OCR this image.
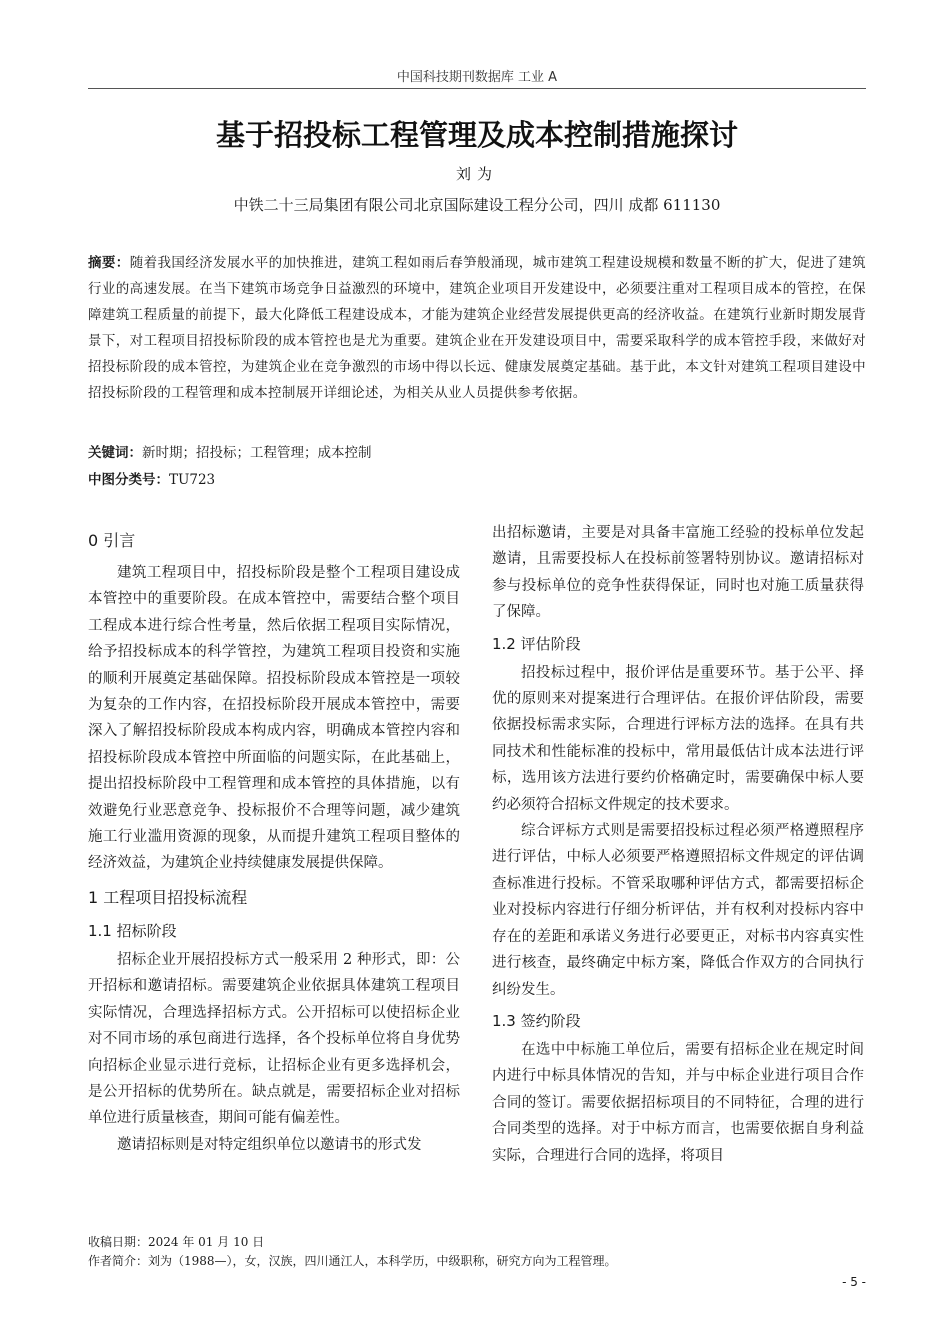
中国科技期刊数据库 工业 A
基于招投标工程管理及成本控制措施探讨
刘为
中铁二十三局集团有限公司北京国际建设工程分公司，四川 成都 611130
摘要：随着我国经济发展水平的加快推进，建筑工程如雨后春笋般涌现，城市建筑工程建设规模和数量不断的扩大，促进了建筑行业的高速发展。在当下建筑市场竞争日益激烈的环境中，建筑企业项目开发建设中，必须要注重对工程项目成本的管控，在保障建筑工程质量的前提下，最大化降低工程建设成本，才能为建筑企业经营发展提供更高的经济收益。在建筑行业新时期发展背景下，对工程项目招投标阶段的成本管控也是尤为重要。建筑企业在开发建设项目中，需要采取科学的成本管控手段，来做好对招投标阶段的成本管控，为建筑企业在竞争激烈的市场中得以长远、健康发展奠定基础。基于此，本文针对建筑工程项目建设中招投标阶段的工程管理和成本控制展开详细论述，为相关从业人员提供参考依据。
关键词：新时期；招投标；工程管理；成本控制
中图分类号：TU723
0 引言

建筑工程项目中，招投标阶段是整个工程项目建设成本管控中的重要阶段。在成本管控中，需要结合整个项目工程成本进行综合性考量，然后依据工程项目实际情况，给予招投标成本的科学管控，为建筑工程项目投资和实施的顺利开展奠定基础保障。招投标阶段成本管控是一项较为复杂的工作内容，在招投标阶段开展成本管控中，需要深入了解招投标阶段成本构成内容，明确成本管控内容和招投标阶段成本管控中所面临的问题实际，在此基础上，提出招投标阶段中工程管理和成本管控的具体措施，以有效避免行业恶意竞争、投标报价不合理等问题，减少建筑施工行业滥用资源的现象，从而提升建筑工程项目整体的经济效益，为建筑企业持续健康发展提供保障。

1 工程项目招投标流程
1.1 招标阶段

招标企业开展招投标方式一般采用 2 种形式，即：公开招标和邀请招标。需要建筑企业依据具体建筑工程项目实际情况，合理选择招标方式。公开招标可以使招标企业对不同市场的承包商进行选择，各个投标单位将自身优势向招标企业显示进行竞标，让招标企业有更多选择机会，是公开招标的优势所在。缺点就是，需要招标企业对招标单位进行质量核查，期间可能有偏差性。

邀请招标则是对特定组织单位以邀请书的形式发

出招标邀请，主要是对具备丰富施工经验的投标单位发起邀请，且需要投标人在投标前签署特别协议。邀请招标对参与投标单位的竞争性获得保证，同时也对施工质量获得了保障。

1.2 评估阶段

招投标过程中，报价评估是重要环节。基于公平、择优的原则来对提案进行合理评估。在报价评估阶段，需要依据投标需求实际，合理进行评标方法的选择。在具有共同技术和性能标准的投标中，常用最低估计成本法进行评标，选用该方法进行要约价格确定时，需要确保中标人要约必须符合招标文件规定的技术要求。

综合评标方式则是需要招投标过程必须严格遵照程序进行评估，中标人必须要严格遵照招标文件规定的评估调查标准进行投标。不管采取哪种评估方式，都需要招标企业对投标内容进行仔细分析评估，并有权利对投标内容中存在的差距和承诺义务进行必要更正，对标书内容真实性进行核查，最终确定中标方案，降低合作双方的合同执行纠纷发生。

1.3 签约阶段

在选中中标施工单位后，需要有招标企业在规定时间内进行中标具体情况的告知，并与中标企业进行项目合作合同的签订。需要依据招标项目的不同特征，合理的进行合同类型的选择。对于中标方而言，也需要依据自身利益实际，合理进行合同的选择，将项目

收稿日期：2024 年 01 月 10 日
作者简介：刘为（1988—），女，汉族，四川通江人，本科学历，中级职称，研究方向为工程管理。
- 5 -
